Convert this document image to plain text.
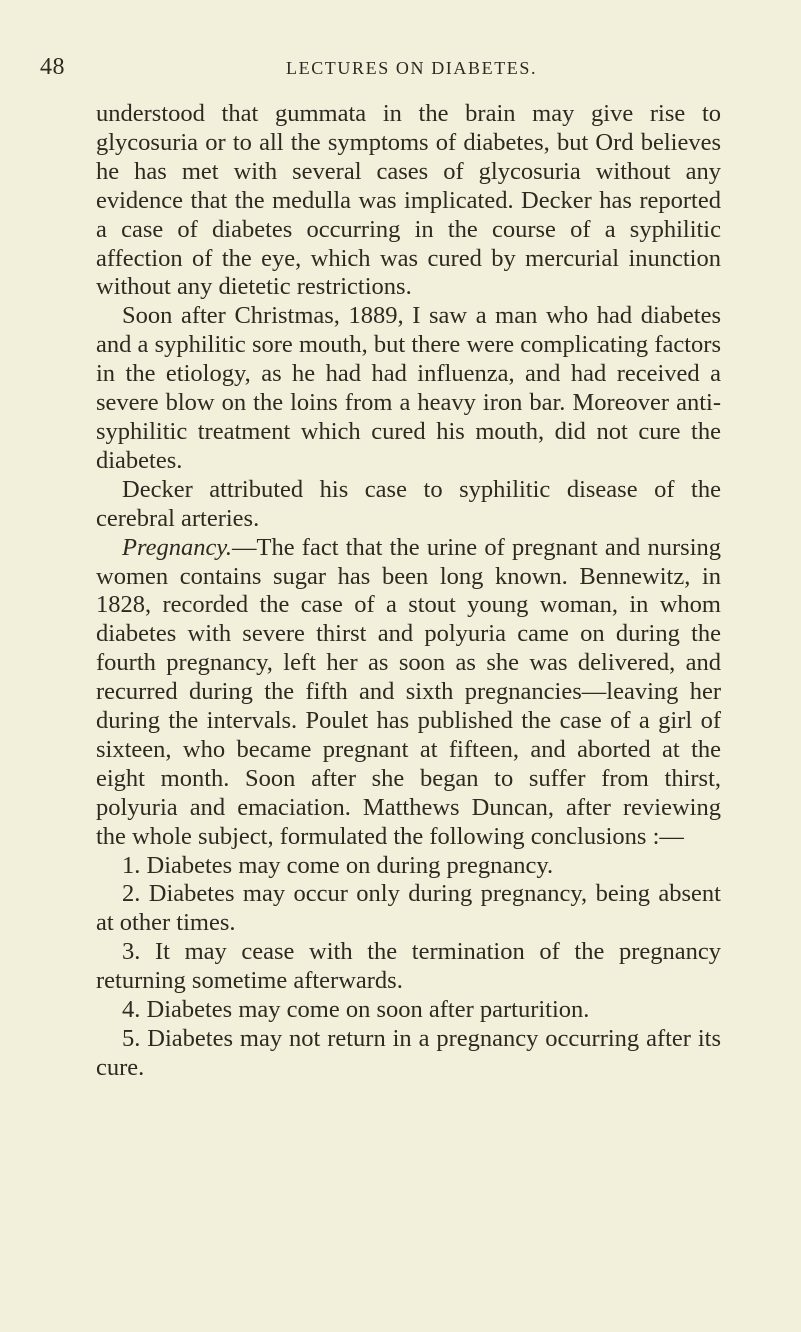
48	LECTURES ON DIABETES.

understood that gummata in the brain may give rise to glycosuria or to all the symptoms of diabetes, but Ord believes he has met with several cases of glycosuria without any evidence that the medulla was implicated. Decker has reported a case of diabetes occurring in the course of a syphilitic affection of the eye, which was cured by mercurial inunction without any dietetic restrictions.

Soon after Christmas, 1889, I saw a man who had diabetes and a syphilitic sore mouth, but there were complicating factors in the etiology, as he had had influenza, and had received a severe blow on the loins from a heavy iron bar. Moreover anti-syphilitic treatment which cured his mouth, did not cure the diabetes.

Decker attributed his case to syphilitic disease of the cerebral arteries.

Pregnancy.—The fact that the urine of pregnant and nursing women contains sugar has been long known. Bennewitz, in 1828, recorded the case of a stout young woman, in whom diabetes with severe thirst and polyuria came on during the fourth pregnancy, left her as soon as she was delivered, and recurred during the fifth and sixth pregnancies—leaving her during the intervals. Poulet has published the case of a girl of sixteen, who became pregnant at fifteen, and aborted at the eight month. Soon after she began to suffer from thirst, polyuria and emaciation. Matthews Duncan, after reviewing the whole subject, formulated the following conclusions :—

1. Diabetes may come on during pregnancy.

2. Diabetes may occur only during pregnancy, being absent at other times.

3. It may cease with the termination of the pregnancy returning sometime afterwards.

4. Diabetes may come on soon after parturition.

5. Diabetes may not return in a pregnancy occurring after its cure.
